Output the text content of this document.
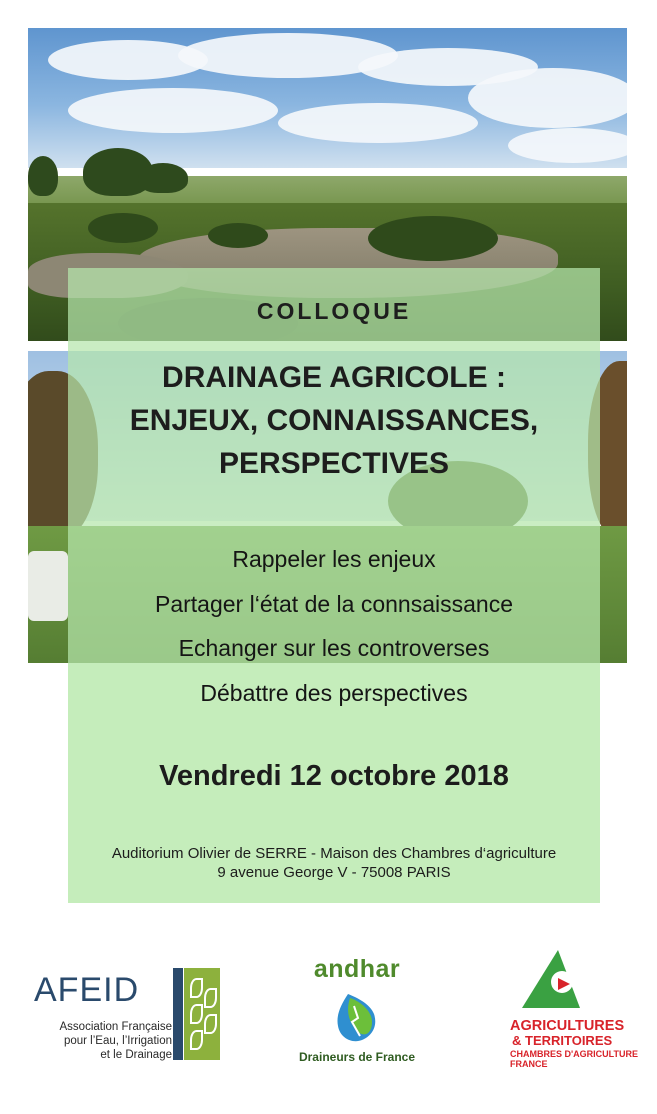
COLLOQUE
DRAINAGE AGRICOLE :
ENJEUX, CONNAISSANCES,
PERSPECTIVES
Rappeler les enjeux
Partager l‘état de la connsaissance
Echanger sur les controverses
Débattre des perspectives
Vendredi 12 octobre 2018
Auditorium Olivier de SERRE - Maison des Chambres d‘agriculture
9 avenue George V - 75008 PARIS
AFEID
Association Française
pour l’Eau, l’Irrigation
et le Drainage
andhar
Draineurs de France
AGRICULTURES
& TERRITOIRES
CHAMBRES D'AGRICULTURE
FRANCE
